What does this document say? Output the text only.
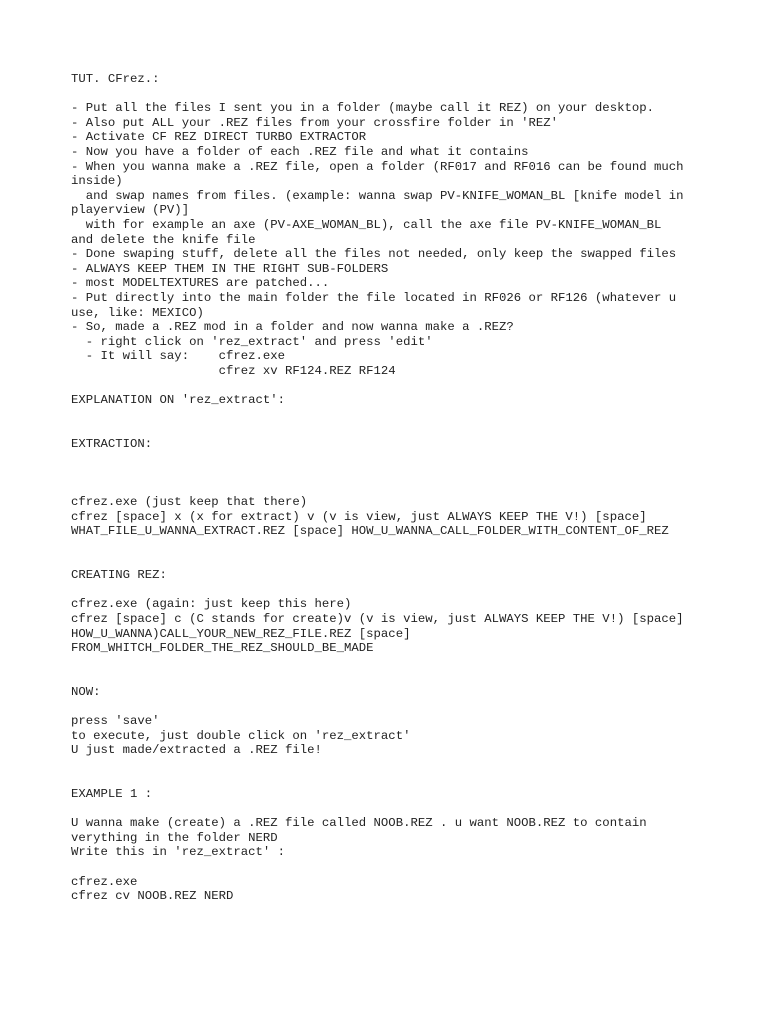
TUT. CFrez.:
- Put all the files I sent you in a folder (maybe call it REZ) on your desktop.
- Also put ALL your .REZ files from your crossfire folder in 'REZ'
- Activate CF REZ DIRECT TURBO EXTRACTOR
- Now you have a folder of each .REZ file and what it contains
- When you wanna make a .REZ file, open a folder (RF017 and RF016 can be found much
inside)
and swap names from files. (example: wanna swap PV-KNIFE_WOMAN_BL [knife model in
playerview (PV)]
with for example an axe (PV-AXE_WOMAN_BL), call the axe file PV-KNIFE_WOMAN_BL
and delete the knife file
- Done swaping stuff, delete all the files not needed, only keep the swapped files
- ALWAYS KEEP THEM IN THE RIGHT SUB-FOLDERS
- most MODELTEXTURES are patched...
- Put directly into the main folder the file located in RF026 or RF126 (whatever u
use, like: MEXICO)
- So, made a .REZ mod in a folder and now wanna make a .REZ?
- right click on 'rez_extract' and press 'edit'
- It will say:    cfrez.exe
cfrez xv RF124.REZ RF124
EXPLANATION ON 'rez_extract':
EXTRACTION:
cfrez.exe (just keep that there)
cfrez [space] x (x for extract) v (v is view, just ALWAYS KEEP THE V!) [space]
WHAT_FILE_U_WANNA_EXTRACT.REZ [space] HOW_U_WANNA_CALL_FOLDER_WITH_CONTENT_OF_REZ
CREATING REZ:
cfrez.exe (again: just keep this here)
cfrez [space] c (C stands for create)v (v is view, just ALWAYS KEEP THE V!) [space]
HOW_U_WANNA)CALL_YOUR_NEW_REZ_FILE.REZ [space]
FROM_WHITCH_FOLDER_THE_REZ_SHOULD_BE_MADE
NOW:
press 'save'
to execute, just double click on 'rez_extract'
U just made/extracted a .REZ file!
EXAMPLE 1 :
U wanna make (create) a .REZ file called NOOB.REZ . u want NOOB.REZ to contain
verything in the folder NERD
Write this in 'rez_extract' :
cfrez.exe
cfrez cv NOOB.REZ NERD
